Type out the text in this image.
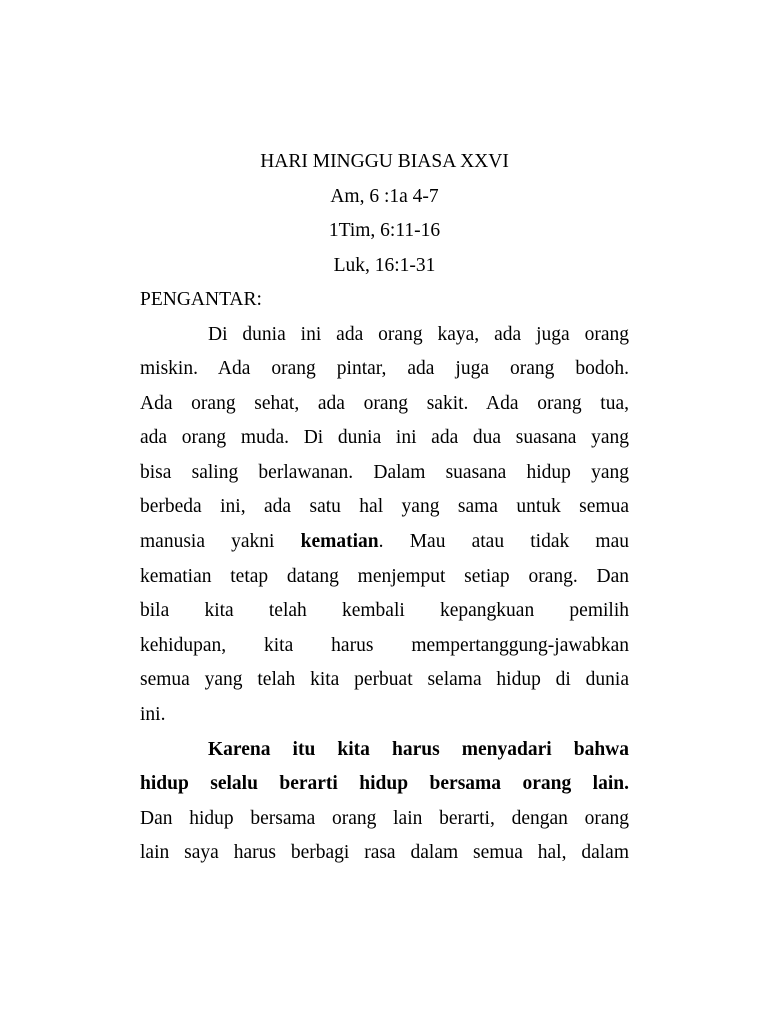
HARI MINGGU BIASA XXVI
Am, 6 :1a 4-7
1Tim, 6:11-16
Luk, 16:1-31
PENGANTAR:
Di dunia ini ada orang kaya, ada juga orang
miskin. Ada orang pintar, ada juga orang bodoh.
Ada orang sehat, ada orang sakit. Ada orang tua,
ada orang muda. Di dunia ini ada dua suasana yang
bisa saling berlawanan. Dalam suasana hidup yang
berbeda ini, ada satu hal yang sama untuk semua
manusia yakni kematian. Mau atau tidak mau
kematian tetap datang menjemput setiap orang. Dan
bila kita telah kembali kepangkuan pemilih
kehidupan, kita harus mempertanggung-jawabkan
semua yang telah kita perbuat selama hidup di dunia
ini.
Karena itu kita harus menyadari bahwa
hidup selalu berarti hidup bersama orang lain.
Dan hidup bersama orang lain berarti, dengan orang
lain saya harus berbagi rasa dalam semua hal, dalam
